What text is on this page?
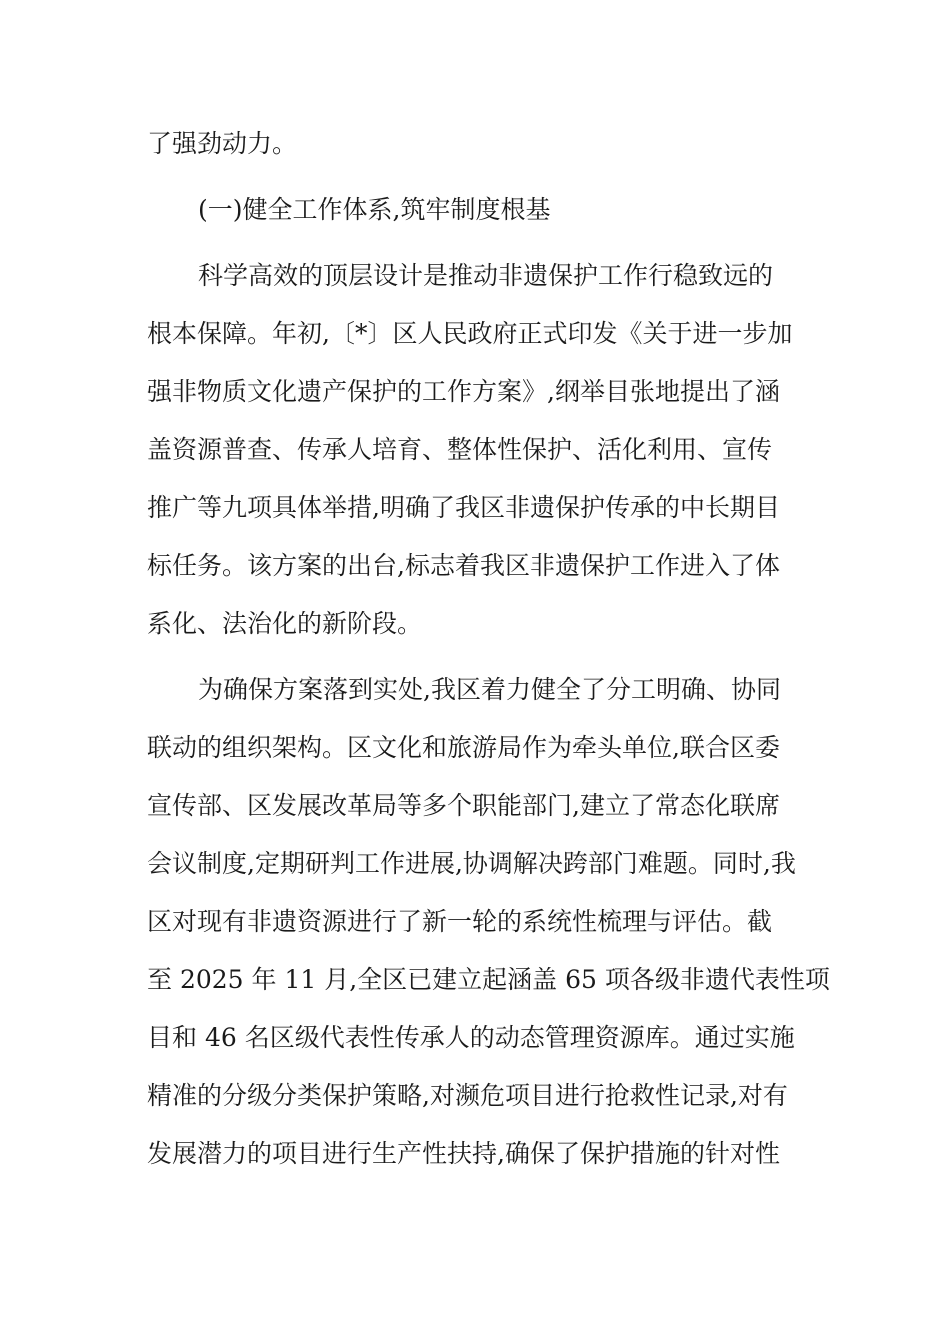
了强劲动力。
(一)健全工作体系,筑牢制度根基
科学高效的顶层设计是推动非遗保护工作行稳致远的
根本保障。年初,〔*〕区人民政府正式印发《关于进一步加
强非物质文化遗产保护的工作方案》,纲举目张地提出了涵
盖资源普查、传承人培育、整体性保护、活化利用、宣传
推广等九项具体举措,明确了我区非遗保护传承的中长期目
标任务。该方案的出台,标志着我区非遗保护工作进入了体
系化、法治化的新阶段。
为确保方案落到实处,我区着力健全了分工明确、协同
联动的组织架构。区文化和旅游局作为牵头单位,联合区委
宣传部、区发展改革局等多个职能部门,建立了常态化联席
会议制度,定期研判工作进展,协调解决跨部门难题。同时,我
区对现有非遗资源进行了新一轮的系统性梳理与评估。截
至 2025 年 11 月,全区已建立起涵盖 65 项各级非遗代表性项
目和 46 名区级代表性传承人的动态管理资源库。通过实施
精准的分级分类保护策略,对濒危项目进行抢救性记录,对有
发展潜力的项目进行生产性扶持,确保了保护措施的针对性
